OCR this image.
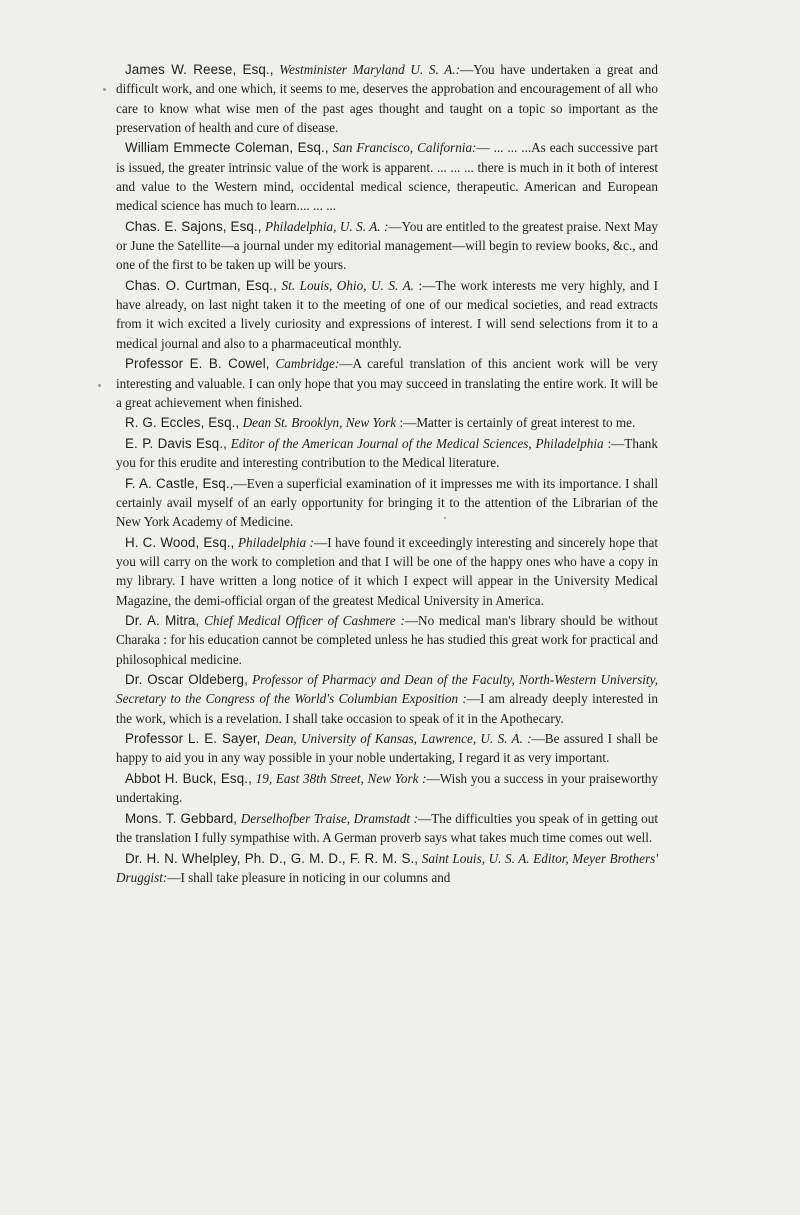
James W. Reese, Esq., Westminister Maryland U. S. A.:—You have undertaken a great and difficult work, and one which, it seems to me, deserves the approbation and encouragement of all who care to know what wise men of the past ages thought and taught on a topic so important as the preservation of health and cure of disease.

William Emmecte Coleman, Esq., San Francisco, California:— ... ... ...As each successive part is issued, the greater intrinsic value of the work is apparent. ... ... ... there is much in it both of interest and value to the Western mind, occidental medical science, therapeutic. American and European medical science has much to learn.... ... ...

Chas. E. Sajons, Esq., Philadelphia, U. S. A. :—You are entitled to the greatest praise. Next May or June the Satellite—a journal under my editorial management—will begin to review books, &c., and one of the first to be taken up will be yours.

Chas. O. Curtman, Esq., St. Louis, Ohio, U. S. A. :—The work interests me very highly, and I have already, on last night taken it to the meeting of one of our medical societies, and read extracts from it wich excited a lively curiosity and expressions of interest. I will send selections from it to a medical journal and also to a pharmaceutical monthly.

Professor E. B. Cowel, Cambridge:—A careful translation of this ancient work will be very interesting and valuable. I can only hope that you may succeed in translating the entire work. It will be a great achievement when finished.

R. G. Eccles, Esq., Dean St. Brooklyn, New York :—Matter is certainly of great interest to me.

E. P. Davis Esq., Editor of the American Journal of the Medical Sciences, Philadelphia :—Thank you for this erudite and interesting contribution to the Medical literature.

F. A. Castle, Esq.,—Even a superficial examination of it impresses me with its importance. I shall certainly avail myself of an early opportunity for bringing it to the attention of the Librarian of the New York Academy of Medicine.

H. C. Wood, Esq., Philadelphia :—I have found it exceedingly interesting and sincerely hope that you will carry on the work to completion and that I will be one of the happy ones who have a copy in my library. I have written a long notice of it which I expect will appear in the University Medical Magazine, the demi-official organ of the greatest Medical University in America.

Dr. A. Mitra, Chief Medical Officer of Cashmere :—No medical man's library should be without Charaka : for his education cannot be completed unless he has studied this great work for practical and philosophical medicine.

Dr. Oscar Oldeberg, Professor of Pharmacy and Dean of the Faculty, North-Western University, Secretary to the Congress of the World's Columbian Exposition :—I am already deeply interested in the work, which is a revelation. I shall take occasion to speak of it in the Apothecary.

Professor L. E. Sayer, Dean, University of Kansas, Lawrence, U. S. A. :—Be assured I shall be happy to aid you in any way possible in your noble undertaking, I regard it as very important.

Abbot H. Buck, Esq., 19, East 38th Street, New York :—Wish you a success in your praiseworthy undertaking.

Mons. T. Gebbard, Derselhofber Traise, Dramstadt :—The difficulties you speak of in getting out the translation I fully sympathise with. A German proverb says what takes much time comes out well.

Dr. H. N. Whelpley, Ph. D., G. M. D., F. R. M. S., Saint Louis, U. S. A. Editor, Meyer Brothers' Druggist:—I shall take pleasure in noticing in our columns and
